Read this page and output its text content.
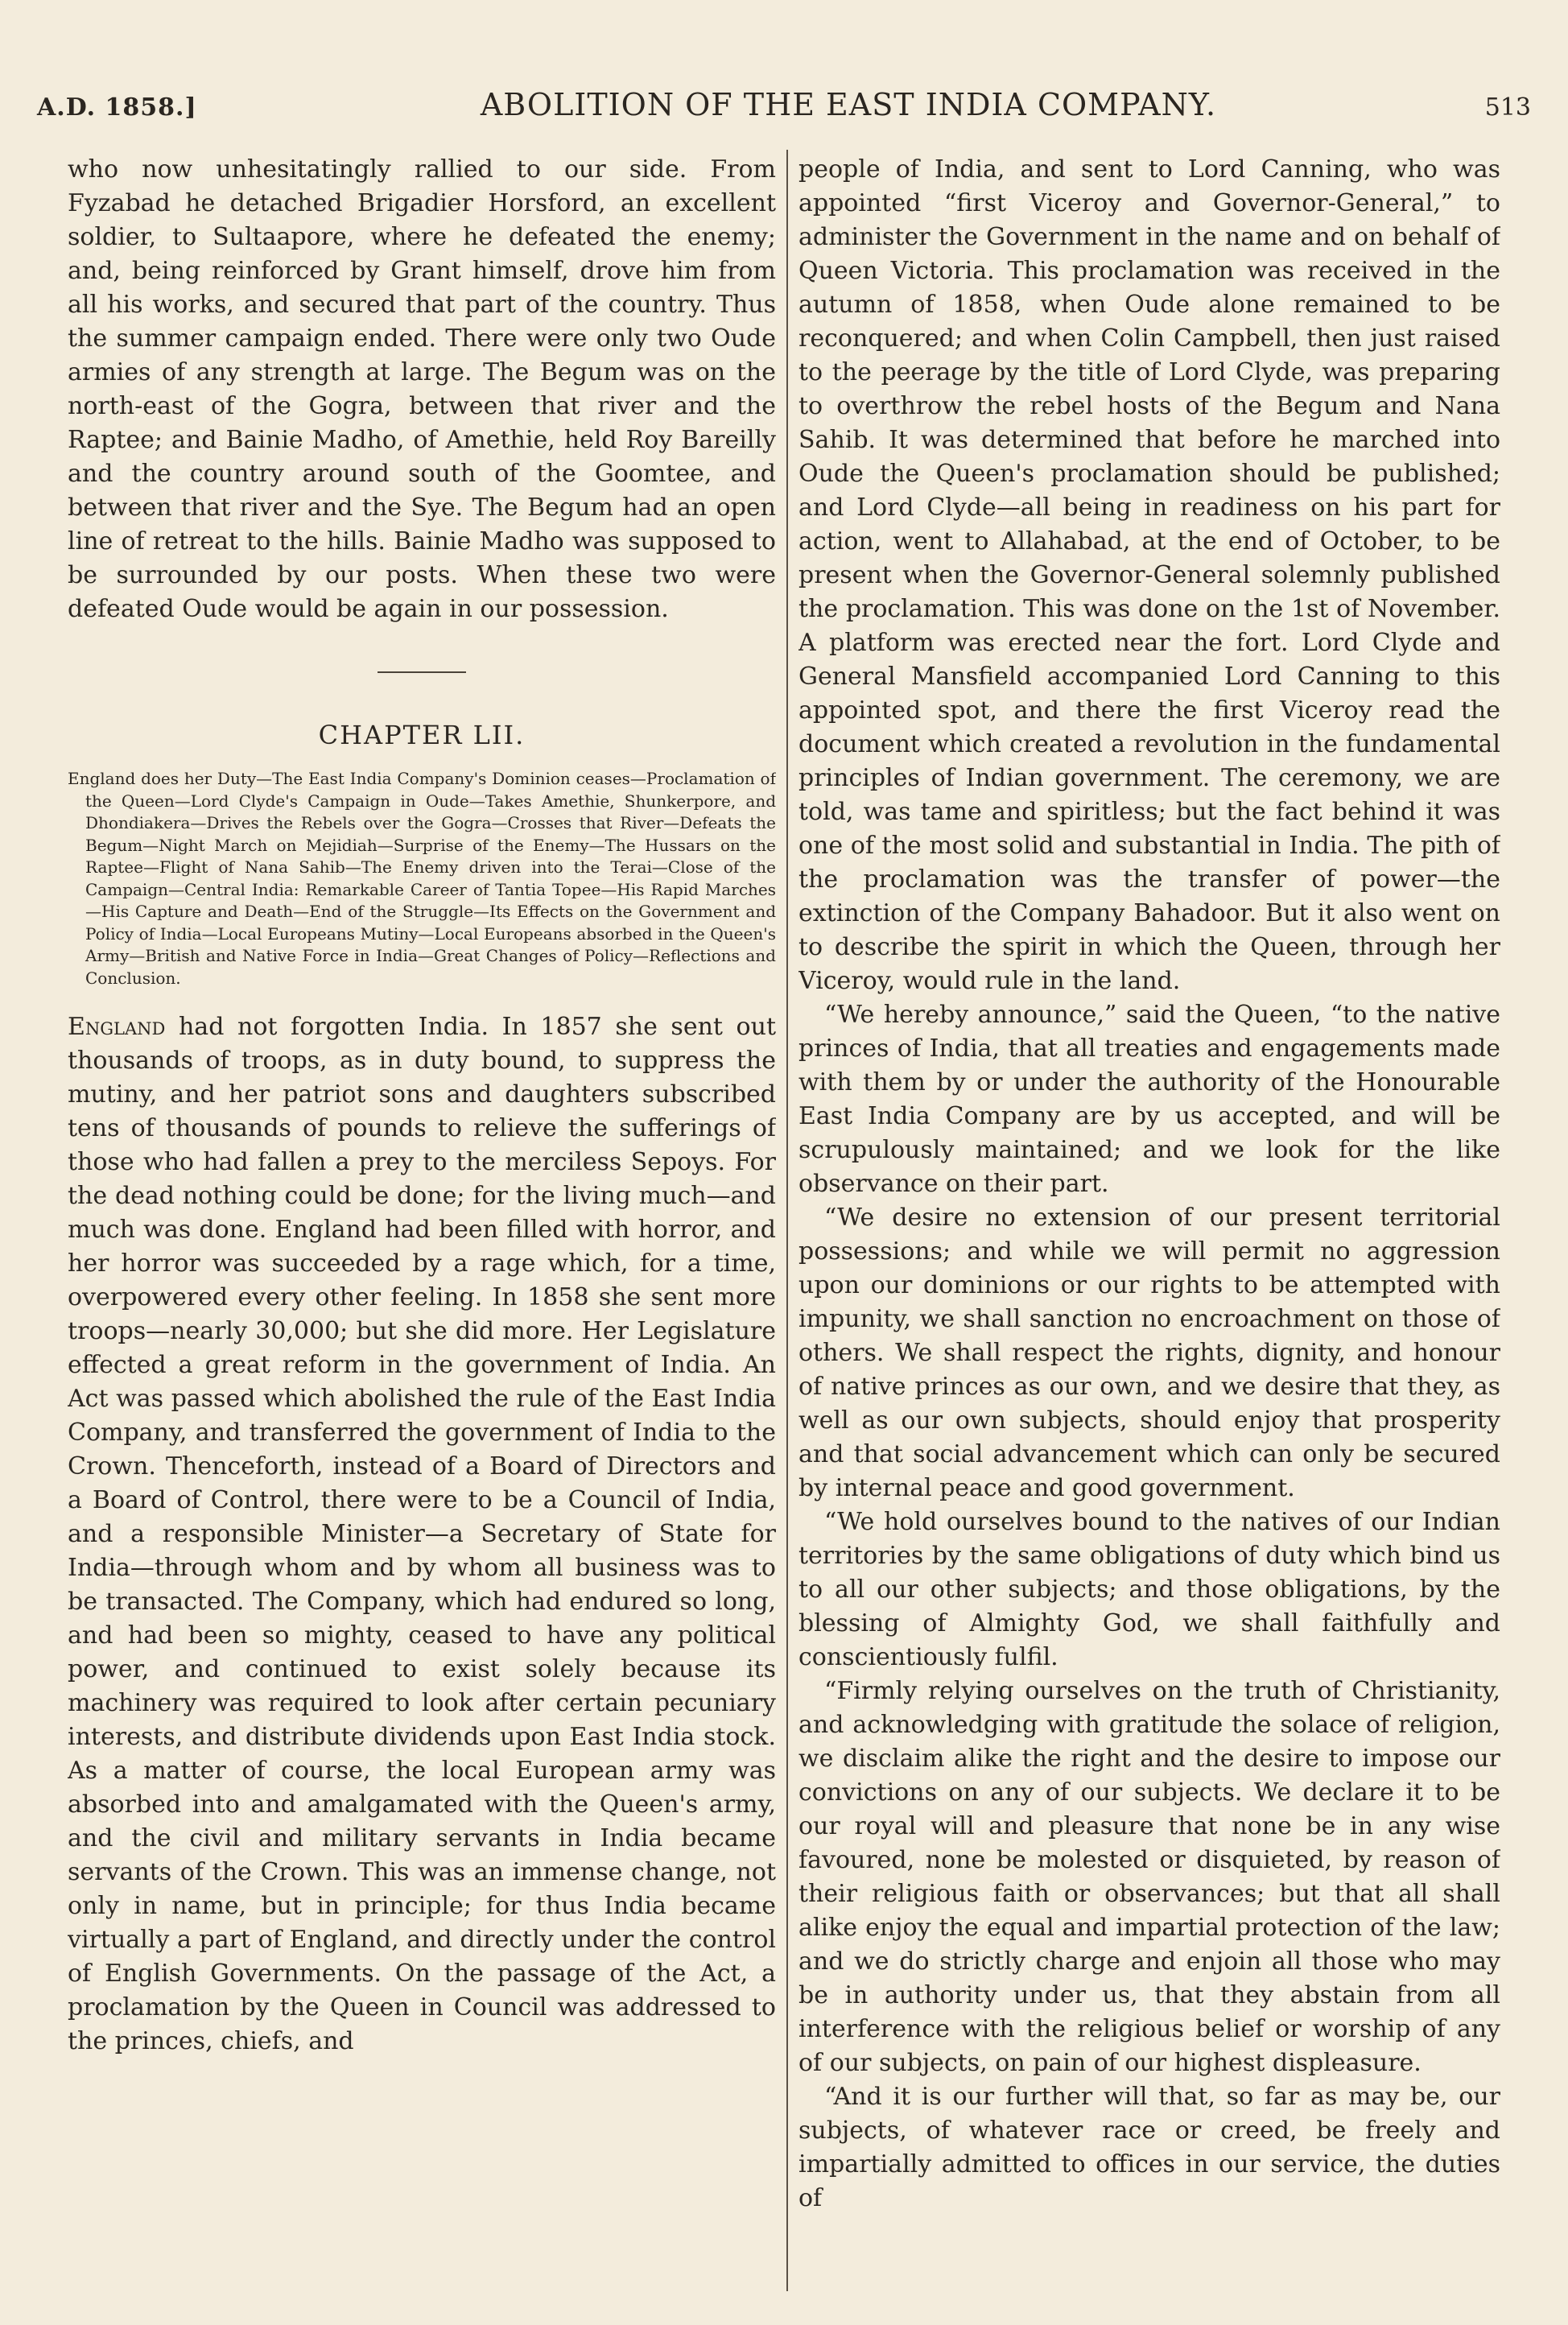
A.D. 1858.]	ABOLITION OF THE EAST INDIA COMPANY.	513

who now unhesitatingly rallied to our side. From Fyzabad he detached Brigadier Horsford, an excellent soldier, to Sultaapore, where he defeated the enemy; and, being reinforced by Grant himself, drove him from all his works, and secured that part of the country. Thus the summer campaign ended. There were only two Oude armies of any strength at large. The Begum was on the north-east of the Gogra, between that river and the Raptee; and Bainie Madho, of Amethie, held Roy Bareilly and the country around south of the Goomtee, and between that river and the Sye. The Begum had an open line of retreat to the hills. Bainie Madho was supposed to be surrounded by our posts. When these two were defeated Oude would be again in our possession.

CHAPTER LII.
England does her Duty—The East India Company's Dominion ceases—Proclamation of the Queen—Lord Clyde's Campaign in Oude—Takes Amethie, Shunkerpore, and Dhondiakera—Drives the Rebels over the Gogra—Crosses that River—Defeats the Begum—Night March on Mejidiah—Surprise of the Enemy—The Hussars on the Raptee—Flight of Nana Sahib—The Enemy driven into the Terai—Close of the Campaign—Central India: Remarkable Career of Tantia Topee—His Rapid Marches—His Capture and Death—End of the Struggle—Its Effects on the Government and Policy of India—Local Europeans Mutiny—Local Europeans absorbed in the Queen's Army—British and Native Force in India—Great Changes of Policy—Reflections and Conclusion.

England had not forgotten India. In 1857 she sent out thousands of troops, as in duty bound, to suppress the mutiny, and her patriot sons and daughters subscribed tens of thousands of pounds to relieve the sufferings of those who had fallen a prey to the merciless Sepoys. For the dead nothing could be done; for the living much—and much was done. England had been filled with horror, and her horror was succeeded by a rage which, for a time, overpowered every other feeling. In 1858 she sent more troops—nearly 30,000; but she did more. Her Legislature effected a great reform in the government of India. An Act was passed which abolished the rule of the East India Company, and transferred the government of India to the Crown. Thenceforth, instead of a Board of Directors and a Board of Control, there were to be a Council of India, and a responsible Minister—a Secretary of State for India—through whom and by whom all business was to be transacted. The Company, which had endured so long, and had been so mighty, ceased to have any political power, and continued to exist solely because its machinery was required to look after certain pecuniary interests, and distribute dividends upon East India stock. As a matter of course, the local European army was absorbed into and amalgamated with the Queen's army, and the civil and military servants in India became servants of the Crown. This was an immense change, not only in name, but in principle; for thus India became virtually a part of England, and directly under the control of English Governments. On the passage of the Act, a proclamation by the Queen in Council was addressed to the princes, chiefs, and

people of India, and sent to Lord Canning, who was appointed “first Viceroy and Governor-General,” to administer the Government in the name and on behalf of Queen Victoria. This proclamation was received in the autumn of 1858, when Oude alone remained to be reconquered; and when Colin Campbell, then just raised to the peerage by the title of Lord Clyde, was preparing to overthrow the rebel hosts of the Begum and Nana Sahib. It was determined that before he marched into Oude the Queen's proclamation should be published; and Lord Clyde—all being in readiness on his part for action, went to Allahabad, at the end of October, to be present when the Governor-General solemnly published the proclamation. This was done on the 1st of November. A platform was erected near the fort. Lord Clyde and General Mansfield accompanied Lord Canning to this appointed spot, and there the first Viceroy read the document which created a revolution in the fundamental principles of Indian government. The ceremony, we are told, was tame and spiritless; but the fact behind it was one of the most solid and substantial in India. The pith of the proclamation was the transfer of power—the extinction of the Company Bahadoor. But it also went on to describe the spirit in which the Queen, through her Viceroy, would rule in the land.

“We hereby announce,” said the Queen, “to the native princes of India, that all treaties and engagements made with them by or under the authority of the Honourable East India Company are by us accepted, and will be scrupulously maintained; and we look for the like observance on their part.

“We desire no extension of our present territorial possessions; and while we will permit no aggression upon our dominions or our rights to be attempted with impunity, we shall sanction no encroachment on those of others. We shall respect the rights, dignity, and honour of native princes as our own, and we desire that they, as well as our own subjects, should enjoy that prosperity and that social advancement which can only be secured by internal peace and good government.

“We hold ourselves bound to the natives of our Indian territories by the same obligations of duty which bind us to all our other subjects; and those obligations, by the blessing of Almighty God, we shall faithfully and conscientiously fulfil.

“Firmly relying ourselves on the truth of Christianity, and acknowledging with gratitude the solace of religion, we disclaim alike the right and the desire to impose our convictions on any of our subjects. We declare it to be our royal will and pleasure that none be in any wise favoured, none be molested or disquieted, by reason of their religious faith or observances; but that all shall alike enjoy the equal and impartial protection of the law; and we do strictly charge and enjoin all those who may be in authority under us, that they abstain from all interference with the religious belief or worship of any of our subjects, on pain of our highest displeasure.

“And it is our further will that, so far as may be, our subjects, of whatever race or creed, be freely and impartially admitted to offices in our service, the duties of
